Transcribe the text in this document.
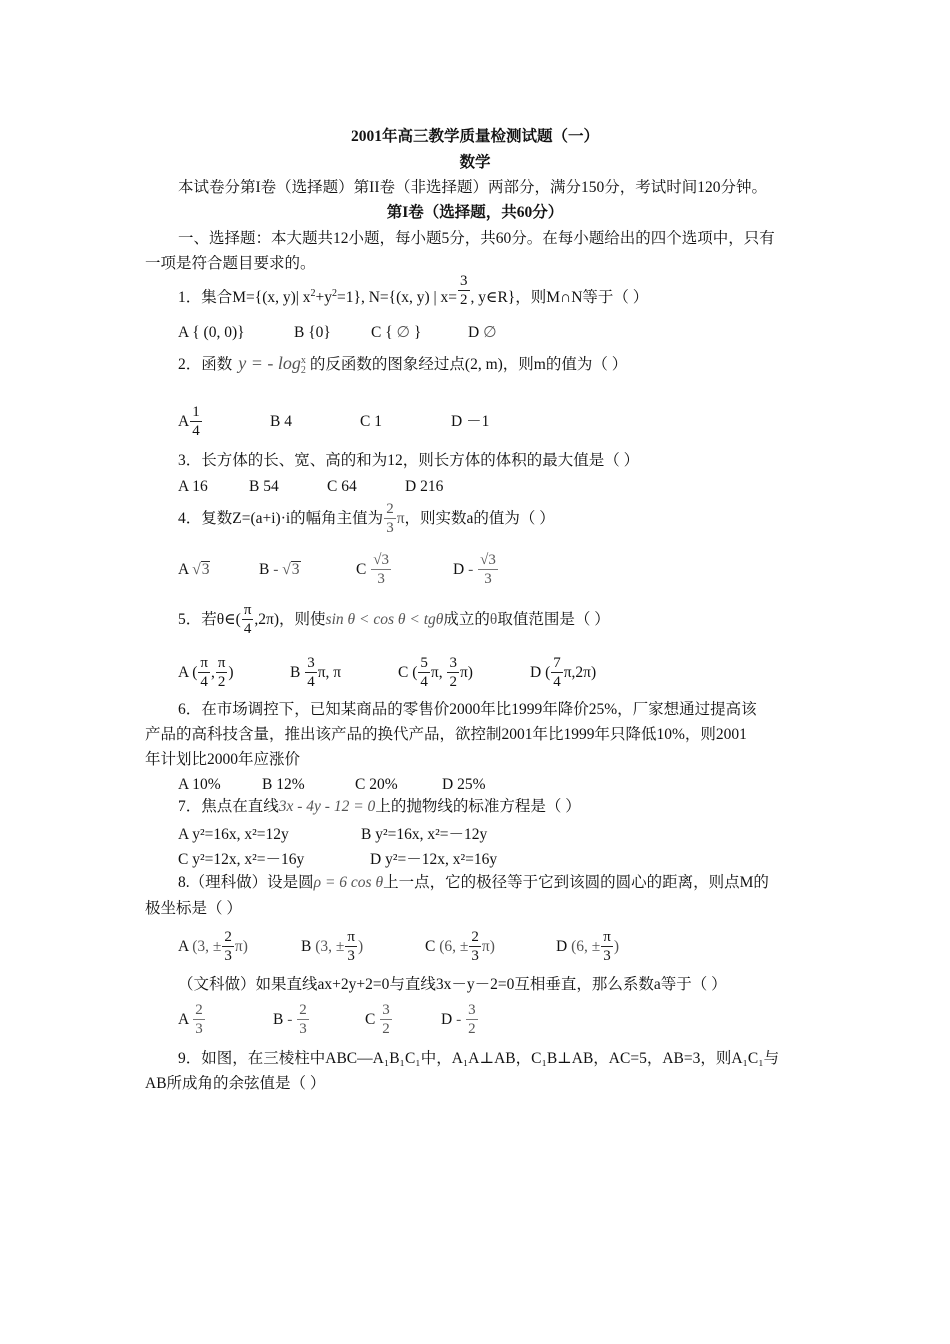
2001年高三教学质量检测试题（一）
数学
本试卷分第I卷（选择题）第II卷（非选择题）两部分，满分150分，考试时间120分钟。
第I卷（选择题，共60分）
一、选择题：本大题共12小题，每小题5分，共60分。在每小题给出的四个选项中，只有
一项是符合题目要求的。
1．集合M={(x, y)| $x^2+y^2=1$}, N={(x, y) | $x= \frac{3}{2}$ , y∈R}，则M∩N等于（ ）
A { (0, 0)}	B {0}	C { ∅ }	D ∅
2．函数 y = - $\log_2^x$ 的反函数的图象经过点(2, m)，则m的值为（ ）
A $\frac{1}{4}$	B 4	C 1	D －1
3．长方体的长、宽、高的和为12，则长方体的体积的最大值是（ ）
A 16	B 54	C 64	D 216
4．复数Z=(a+i)·i的幅角主值为 $\frac{2}{3}$ π，则实数a的值为（ ）
A √3	B - √3	C $\frac{√3}{3}$	D - $\frac{√3}{3}$
5．若θ∈( $\frac{\pi}{4} ,2\pi$)，则使sin θ < cos θ < tgθ成立的θ取值范围是（ ）
A ( $\frac{\pi}{4}$ , $\frac{\pi}{2}$ )	B $\frac{3}{4} \pi$, π	C ( $\frac{5}{4} \pi$, $\frac{3}{2} \pi$)	D ( $\frac{7}{4} \pi,2\pi$)
6．在市场调控下，已知某商品的零售价2000年比1999年降价25%，厂家想通过提高该
产品的高科技含量，推出该产品的换代产品，欲控制2001年比1999年只降低10%，则2001
年计划比2000年应涨价
A 10%	B 12%	C 20%	D 25%
7．焦点在直线3x - 4y - 12 = 0上的抛物线的标准方程是（ ）
A y²=16x, x²=12y	B y²=16x, x²=－12y
C y²=12x, x²=－16y	D y²=－12x, x²=16y
8.（理科做）设是圆ρ = 6 cos θ上一点，它的极径等于它到该圆的圆心的距离，则点M的
极坐标是（ ）
A (3, ± $\frac{2}{3} \pi$)	B (3, ± $\frac{\pi}{3}$ )	C (6, ± $\frac{2}{3} \pi$)	D (6, ± $\frac{\pi}{3}$ )
（文科做）如果直线ax+2y+2=0与直线3x－y－2=0互相垂直，那么系数a等于（ ）
A $\frac{2}{3}$	B - $\frac{2}{3}$	C $\frac{3}{2}$	D - $\frac{3}{2}$
9．如图，在三棱柱中ABC—A₁B₁C₁中，A₁A⊥AB，C₁B⊥AB，AC=5，AB=3，则A₁C₁与
AB所成角的余弦值是（ ）
